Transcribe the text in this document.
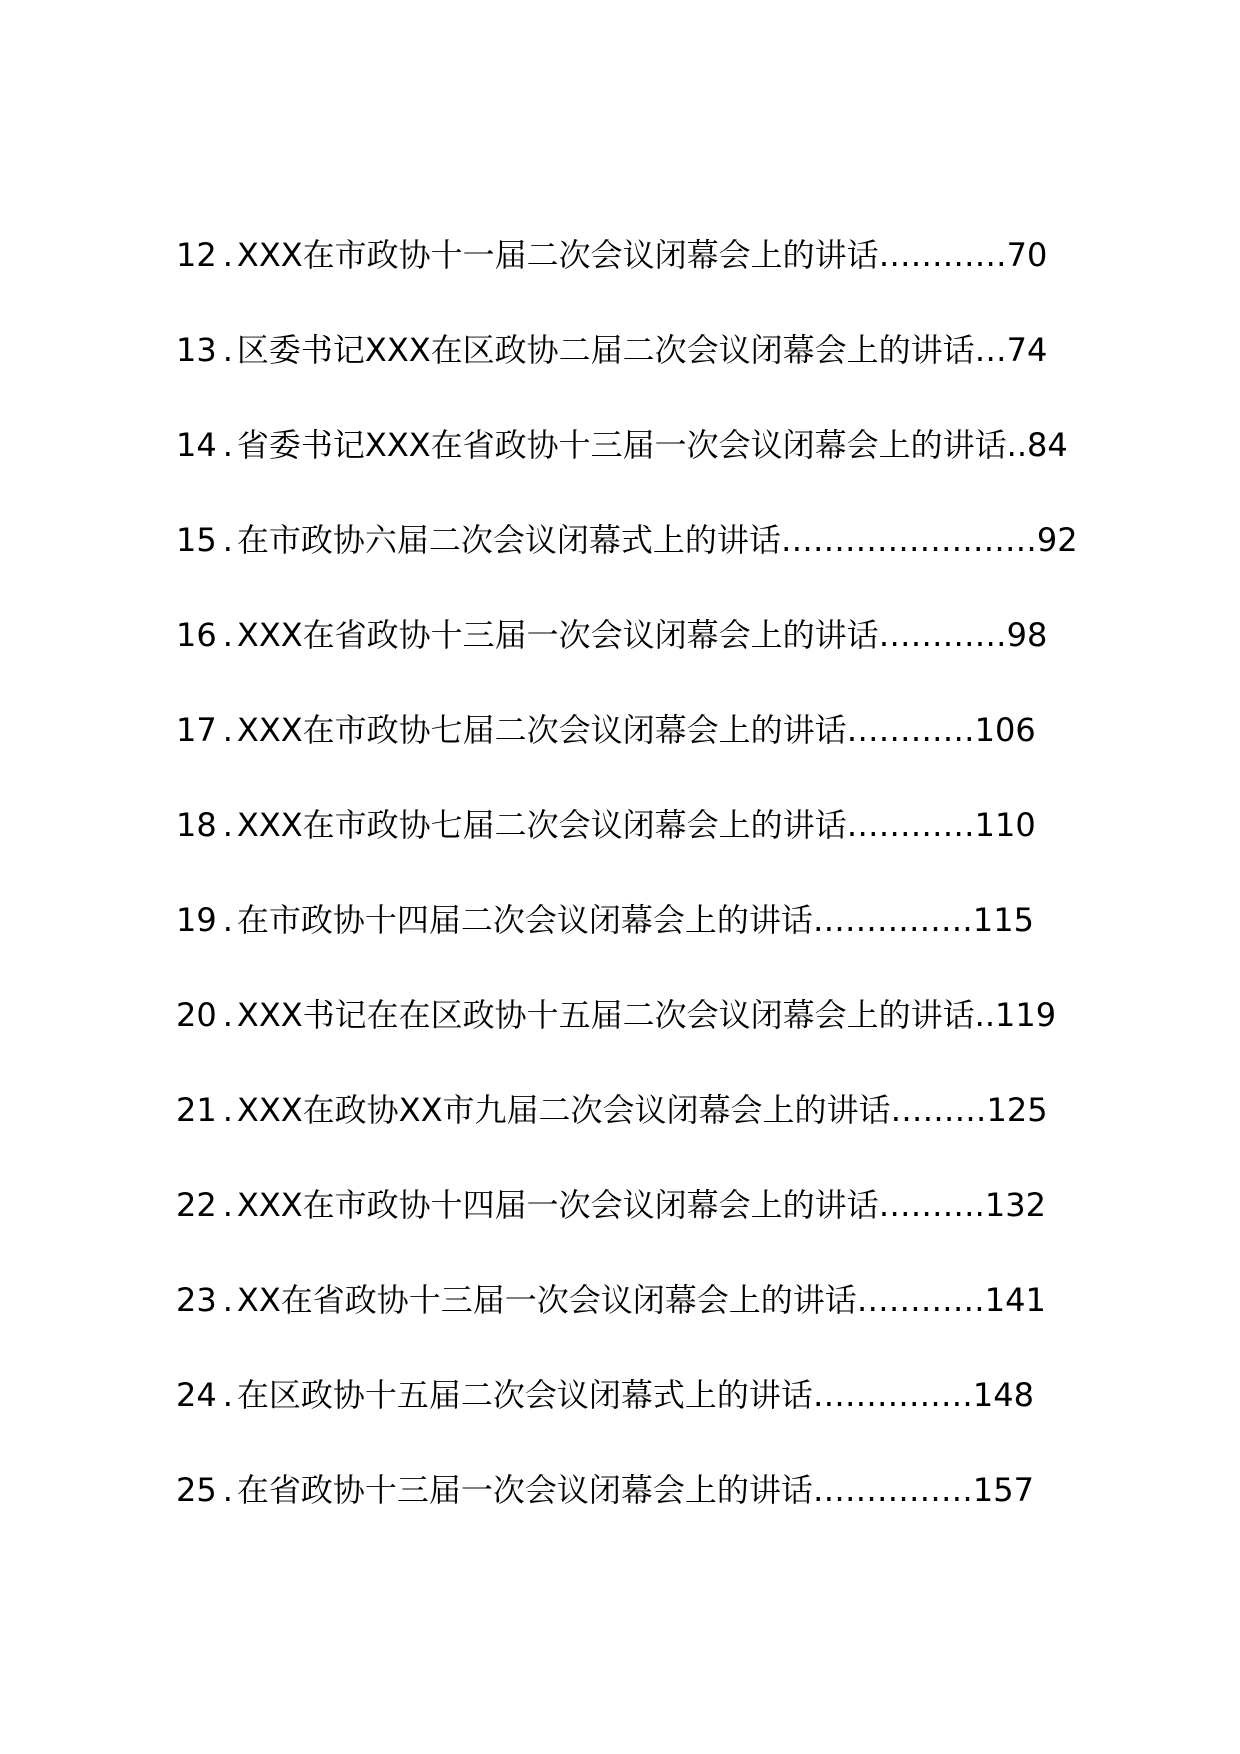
12 . XXX在市政协十一届二次会议闭幕会上的讲话…………70
13 . 区委书记XXX在区政协二届二次会议闭幕会上的讲话…74
14 . 省委书记XXX在省政协十三届一次会议闭幕会上的讲话..84
15 . 在市政协六届二次会议闭幕式上的讲话……………………92
16 . XXX在省政协十三届一次会议闭幕会上的讲话…………98
17 . XXX在市政协七届二次会议闭幕会上的讲话…………106
18 . XXX在市政协七届二次会议闭幕会上的讲话…………110
19 . 在市政协十四届二次会议闭幕会上的讲话……………115
20 . XXX书记在在区政协十五届二次会议闭幕会上的讲话..119
21 . XXX在政协XX市九届二次会议闭幕会上的讲话………125
22 . XXX在市政协十四届一次会议闭幕会上的讲话……….132
23 . XX在省政协十三届一次会议闭幕会上的讲话…………141
24 . 在区政协十五届二次会议闭幕式上的讲话……………148
25 . 在省政协十三届一次会议闭幕会上的讲话……………157
